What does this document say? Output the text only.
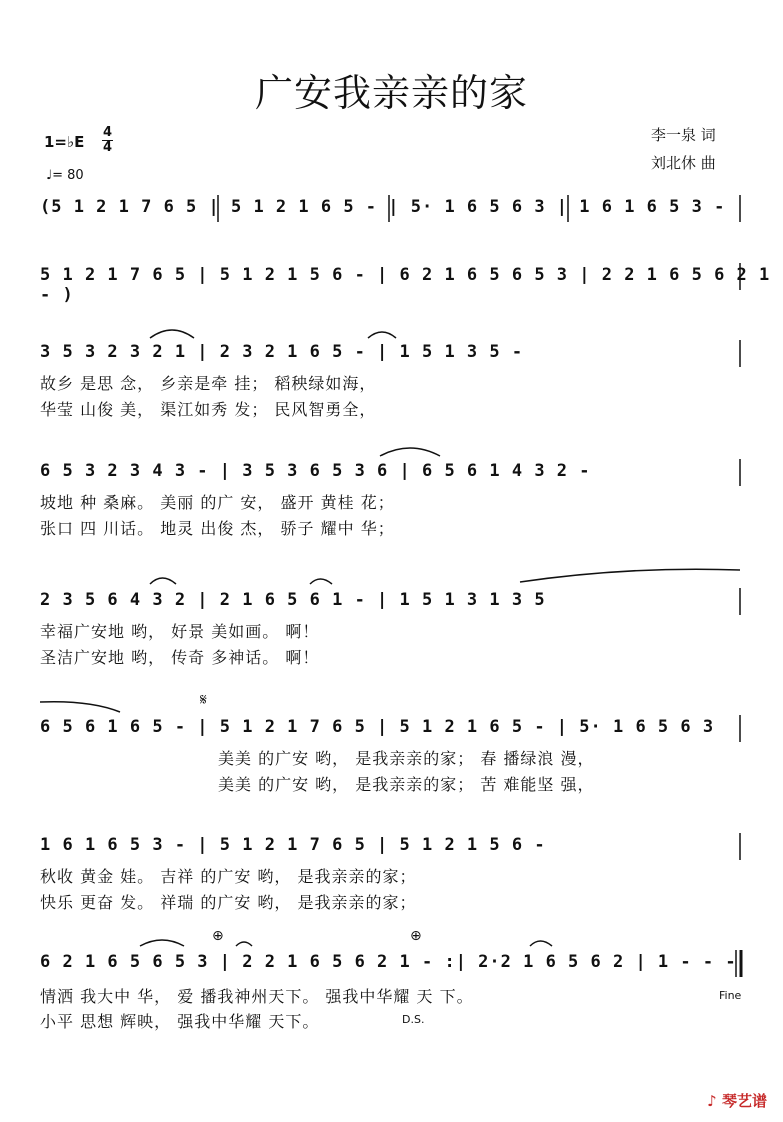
广安我亲亲的家
1=♭E
4
4
♩= 80
李一泉 词
刘北休 曲
(5 1 2 1 7 6 5 | 5 1 2 1 6 5 - | 5· 1 6 5 6 3 | 1 6 1 6 5 3 -
5 1 2 1 7 6 5 | 5 1 2 1 5 6 - | 6 2 1 6 5 6 5 3 | 2 2 1 6 5 6 2 1 - )
3 5 3 2 3 2 1 | 2 3 2 1 6 5 - | 1 5 1 3 5 -
故乡 是思 念， 乡亲是牵 挂； 稻秧绿如海，
华莹 山俊 美， 渠江如秀 发； 民风智勇全，
6 5 3 2 3 4 3 - | 3 5 3 6 5 3 6 | 6 5 6 1 4 3 2 -
坡地 种 桑麻。 美丽 的广 安， 盛开 黄桂 花；
张口 四 川话。 地灵 出俊 杰， 骄子 耀中 华；
2 3 5 6 4 3 2 | 2 1 6 5 6 1 - | 1 5 1 3 1 3 5
幸福广安地 哟， 好景 美如画。 啊！
圣洁广安地 哟， 传奇 多神话。 啊！
6 5 6 1 6 5 - | 5 1 2 1 7 6 5 | 5 1 2 1 6 5 - | 5· 1 6 5 6 3
美美 的广安 哟， 是我亲亲的家； 春 播绿浪 漫，
美美 的广安 哟， 是我亲亲的家； 苦 难能坚 强，
1 6 1 6 5 3 - | 5 1 2 1 7 6 5 | 5 1 2 1 5 6 -
秋收 黄金 娃。 吉祥 的广安 哟， 是我亲亲的家；
快乐 更奋 发。 祥瑞 的广安 哟， 是我亲亲的家；
6 2 1 6 5 6 5 3 | 2 2 1 6 5 6 2 1 - :| 2·2 1 6 5 6 2 | 1 - - -
情洒 我大中 华， 爱 播我神州天下。 强我中华耀 天 下。
小平 思想 辉映， 强我中华耀 天下。
Fine
D.S.
𝄋
⊕	⊕
♪ 琴艺谱
